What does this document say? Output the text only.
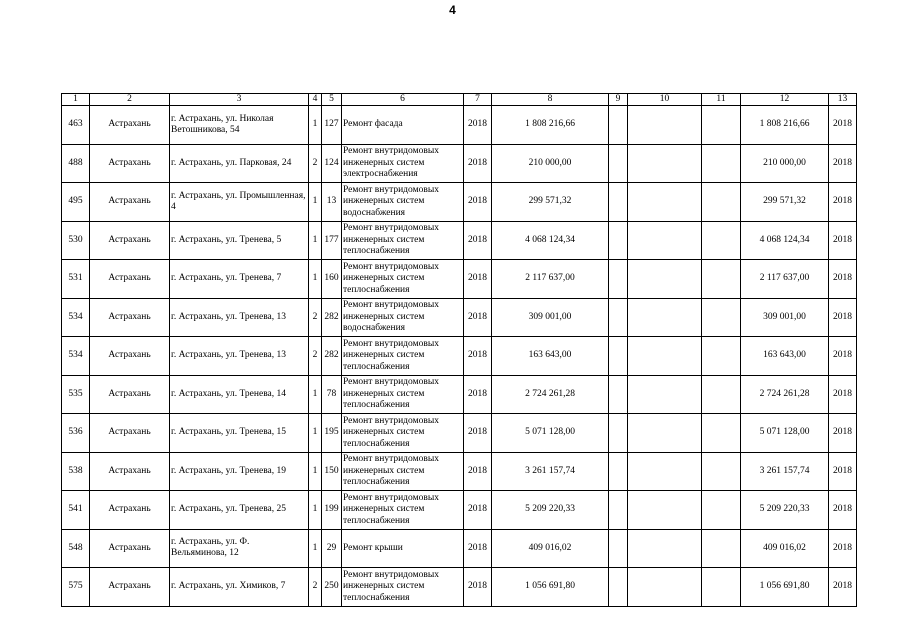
4
1	2	3	4	5	6	7	8	9	10	11	12	13
463	Астрахань	г. Астрахань, ул. Николая Ветошникова, 54	1	127	Ремонт фасада	2018	1 808 216,66				1 808 216,66	2018
488	Астрахань	г. Астрахань, ул. Парковая, 24	2	124	Ремонт внутридомовых инженерных систем электроснабжения	2018	210 000,00				210 000,00	2018
495	Астрахань	г. Астрахань, ул. Промышленная, 4	1	13	Ремонт внутридомовых инженерных систем водоснабжения	2018	299 571,32				299 571,32	2018
530	Астрахань	г. Астрахань, ул. Тренева, 5	1	177	Ремонт внутридомовых инженерных систем теплоснабжения	2018	4 068 124,34				4 068 124,34	2018
531	Астрахань	г. Астрахань, ул. Тренева, 7	1	160	Ремонт внутридомовых инженерных систем теплоснабжения	2018	2 117 637,00				2 117 637,00	2018
534	Астрахань	г. Астрахань, ул. Тренева, 13	2	282	Ремонт внутридомовых инженерных систем водоснабжения	2018	309 001,00				309 001,00	2018
534	Астрахань	г. Астрахань, ул. Тренева, 13	2	282	Ремонт внутридомовых инженерных систем теплоснабжения	2018	163 643,00				163 643,00	2018
535	Астрахань	г. Астрахань, ул. Тренева, 14	1	78	Ремонт внутридомовых инженерных систем теплоснабжения	2018	2 724 261,28				2 724 261,28	2018
536	Астрахань	г. Астрахань, ул. Тренева, 15	1	195	Ремонт внутридомовых инженерных систем теплоснабжения	2018	5 071 128,00				5 071 128,00	2018
538	Астрахань	г. Астрахань, ул. Тренева, 19	1	150	Ремонт внутридомовых инженерных систем теплоснабжения	2018	3 261 157,74				3 261 157,74	2018
541	Астрахань	г. Астрахань, ул. Тренева, 25	1	199	Ремонт внутридомовых инженерных систем теплоснабжения	2018	5 209 220,33				5 209 220,33	2018
548	Астрахань	г. Астрахань, ул. Ф. Вельяминова, 12	1	29	Ремонт крыши	2018	409 016,02				409 016,02	2018
575	Астрахань	г. Астрахань, ул. Химиков, 7	2	250	Ремонт внутридомовых инженерных систем теплоснабжения	2018	1 056 691,80				1 056 691,80	2018
